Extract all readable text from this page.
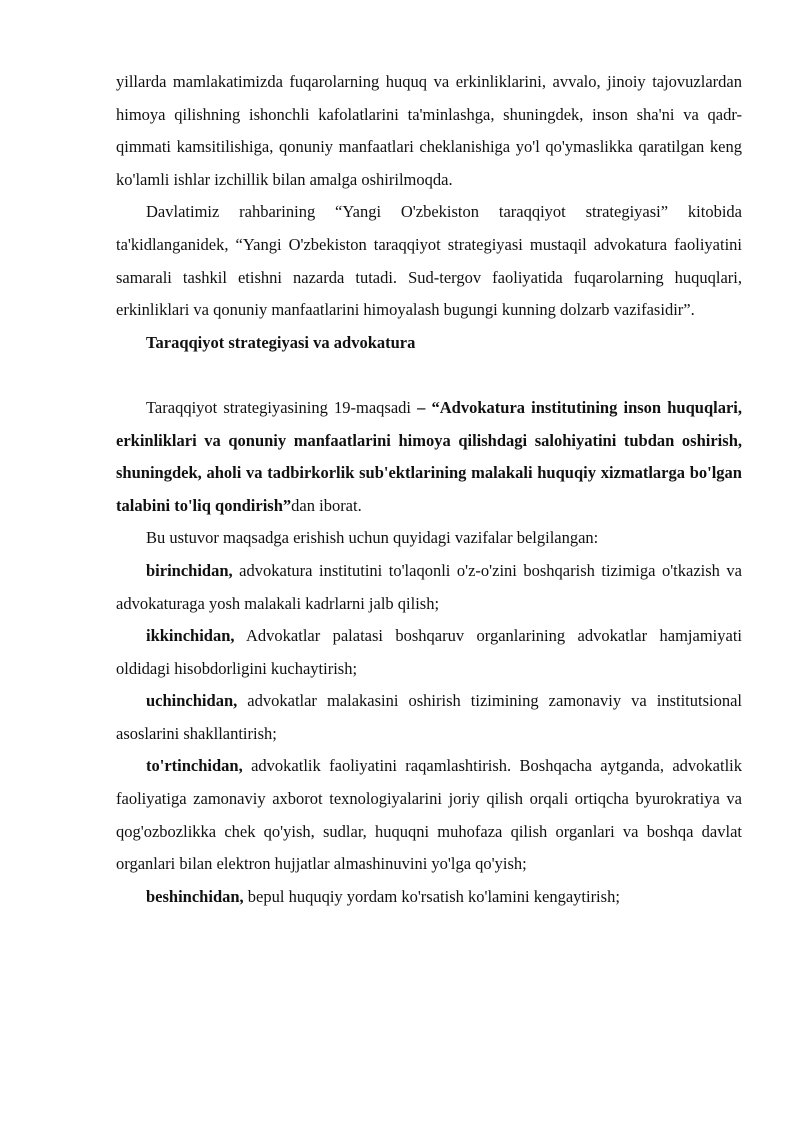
yillarda mamlakatimizda fuqarolarning huquq va erkinliklarini, avvalo, jinoiy tajovuzlardan himoya qilishning ishonchli kafolatlarini ta'minlashga, shuningdek, inson sha'ni va qadr-qimmati kamsitilishiga, qonuniy manfaatlari cheklanishiga yo'l qo'ymaslikka qaratilgan keng ko'lamli ishlar izchillik bilan amalga oshirilmoqda.

Davlatimiz rahbarining “Yangi O'zbekiston taraqqiyot strategiyasi” kitobida ta'kidlanganidek, “Yangi O'zbekiston taraqqiyot strategiyasi mustaqil advokatura faoliyatini samarali tashkil etishni nazarda tutadi. Sud-tergov faoliyatida fuqarolarning huquqlari, erkinliklari va qonuniy manfaatlarini himoyalash bugungi kunning dolzarb vazifasidir”.

Taraqqiyot strategiyasi va advokatura

Taraqqiyot strategiyasining 19-maqsadi – “Advokatura institutining inson huquqlari, erkinliklari va qonuniy manfaatlarini himoya qilishdagi salohiyatini tubdan oshirish, shuningdek, aholi va tadbirkorlik sub'ektlarining malakali huquqiy xizmatlarga bo'lgan talabini to'liq qondirish”dan iborat.

Bu ustuvor maqsadga erishish uchun quyidagi vazifalar belgilangan:

birinchidan, advokatura institutini to'laqonli o'z-o'zini boshqarish tizimiga o'tkazish va advokaturaga yosh malakali kadrlarni jalb qilish;

ikkinchidan, Advokatlar palatasi boshqaruv organlarining advokatlar hamjamiyati oldidagi hisobdorligini kuchaytirish;

uchinchidan, advokatlar malakasini oshirish tizimining zamonaviy va institutsional asoslarini shakllantirish;

to'rtinchidan, advokatlik faoliyatini raqamlashtirish. Boshqacha aytganda, advokatlik faoliyatiga zamonaviy axborot texnologiyalarini joriy qilish orqali ortiqcha byurokratiya va qog'ozbozlikka chek qo'yish, sudlar, huquqni muhofaza qilish organlari va boshqa davlat organlari bilan elektron hujjatlar almashinuvini yo'lga qo'yish;

beshinchidan, bepul huquqiy yordam ko'rsatish ko'lamini kengaytirish;
